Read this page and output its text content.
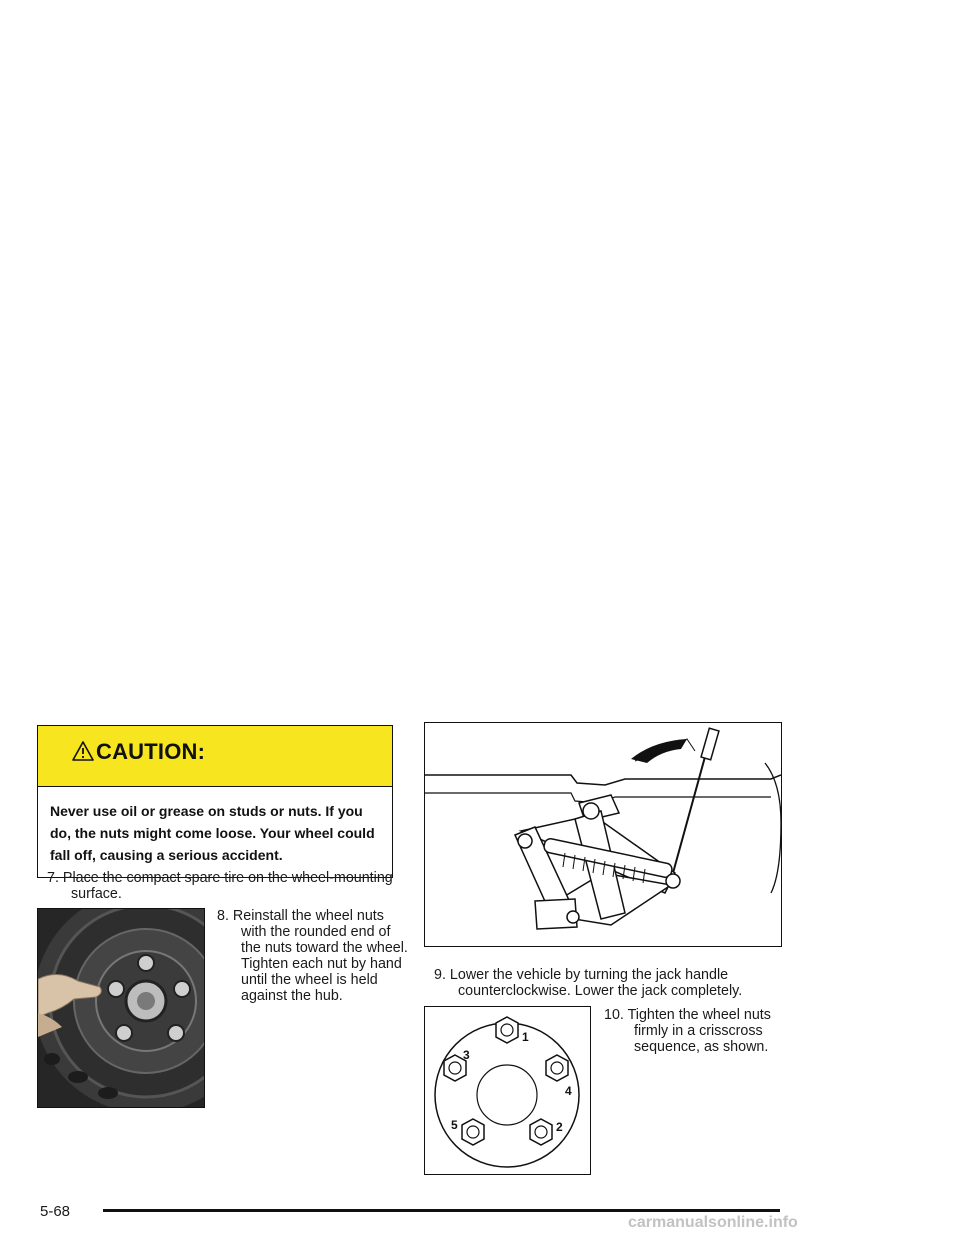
CAUTION:
Never use oil or grease on studs or nuts. If you do, the nuts might come loose. Your wheel could fall off, causing a serious accident.
7. Place the compact spare tire on the wheel-mounting surface.
8. Reinstall the wheel nuts with the rounded end of the nuts toward the wheel. Tighten each nut by hand until the wheel is held against the hub.
9. Lower the vehicle by turning the jack handle counterclockwise. Lower the jack completely.
1
2
3
4
5
10. Tighten the wheel nuts firmly in a crisscross sequence, as shown.
5-68
carmanualsonline.info
